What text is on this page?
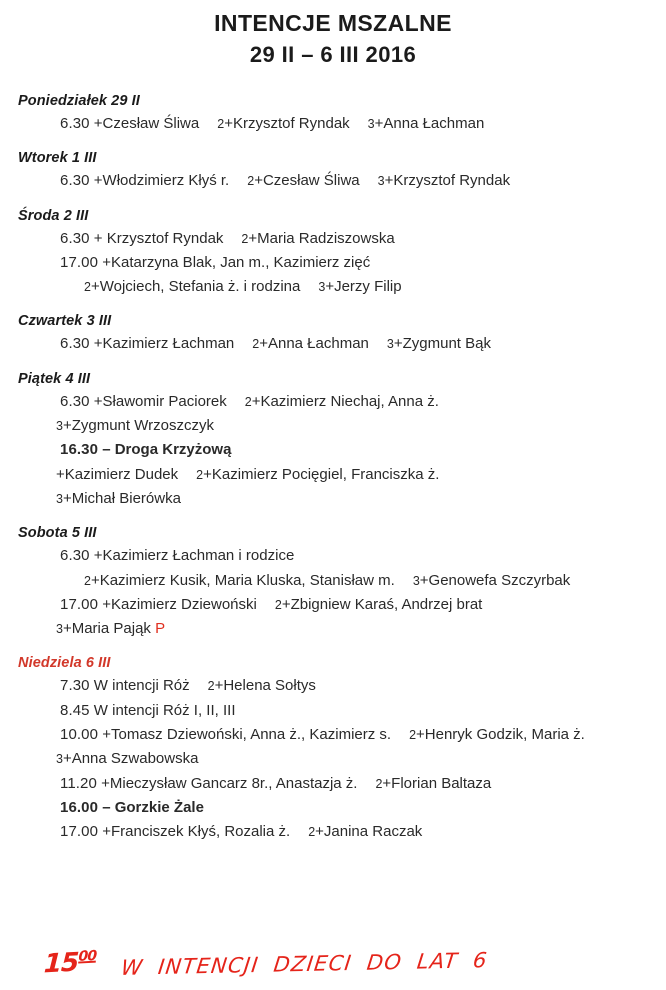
INTENCJE MSZALNE
29 II – 6 III 2016
Poniedziałek 29 II
6.30 +Czesław Śliwa 2+Krzysztof Ryndak 3+Anna Łachman
Wtorek 1 III
6.30 +Włodzimierz Kłyś r. 2+Czesław Śliwa 3+Krzysztof Ryndak
Środa 2 III
6.30 + Krzysztof Ryndak 2+Maria Radziszowska
17.00 +Katarzyna Blak, Jan m., Kazimierz zięć
2+Wojciech, Stefania ż. i rodzina 3+Jerzy Filip
Czwartek 3 III
6.30 +Kazimierz Łachman 2+Anna Łachman 3+Zygmunt Bąk
Piątek 4 III
6.30 +Sławomir Paciorek 2+Kazimierz Niechaj, Anna ż.
3+Zygmunt Wrzoszczyk
16.30 – Droga Krzyżową
+Kazimierz Dudek 2+Kazimierz Pocięgiel, Franciszka ż.
3+Michał Bierówka
Sobota 5 III
6.30 +Kazimierz Łachman i rodzice
2+Kazimierz Kusik, Maria Kluska, Stanisław m. 3+Genowefa Szczyrbak
17.00 +Kazimierz Dziewoński 2+Zbigniew Karaś, Andrzej brat
3+Maria Pająk P
Niedziela 6 III
7.30 W intencji Róż 2+Helena Sołtys
8.45 W intencji Róż I, II, III
10.00 +Tomasz Dziewoński, Anna ż., Kazimierz s. 2+Henryk Godzik, Maria ż.
3+Anna Szwabowska
11.20 +Mieczysław Gancarz 8r., Anastazja ż. 2+Florian Baltaza
16.00 – Gorzkie Żale
17.00 +Franciszek Kłyś, Rozalia ż. 2+Janina Raczak
$15^{00}$ W INTENCJI DZIECI DO LAT 6
